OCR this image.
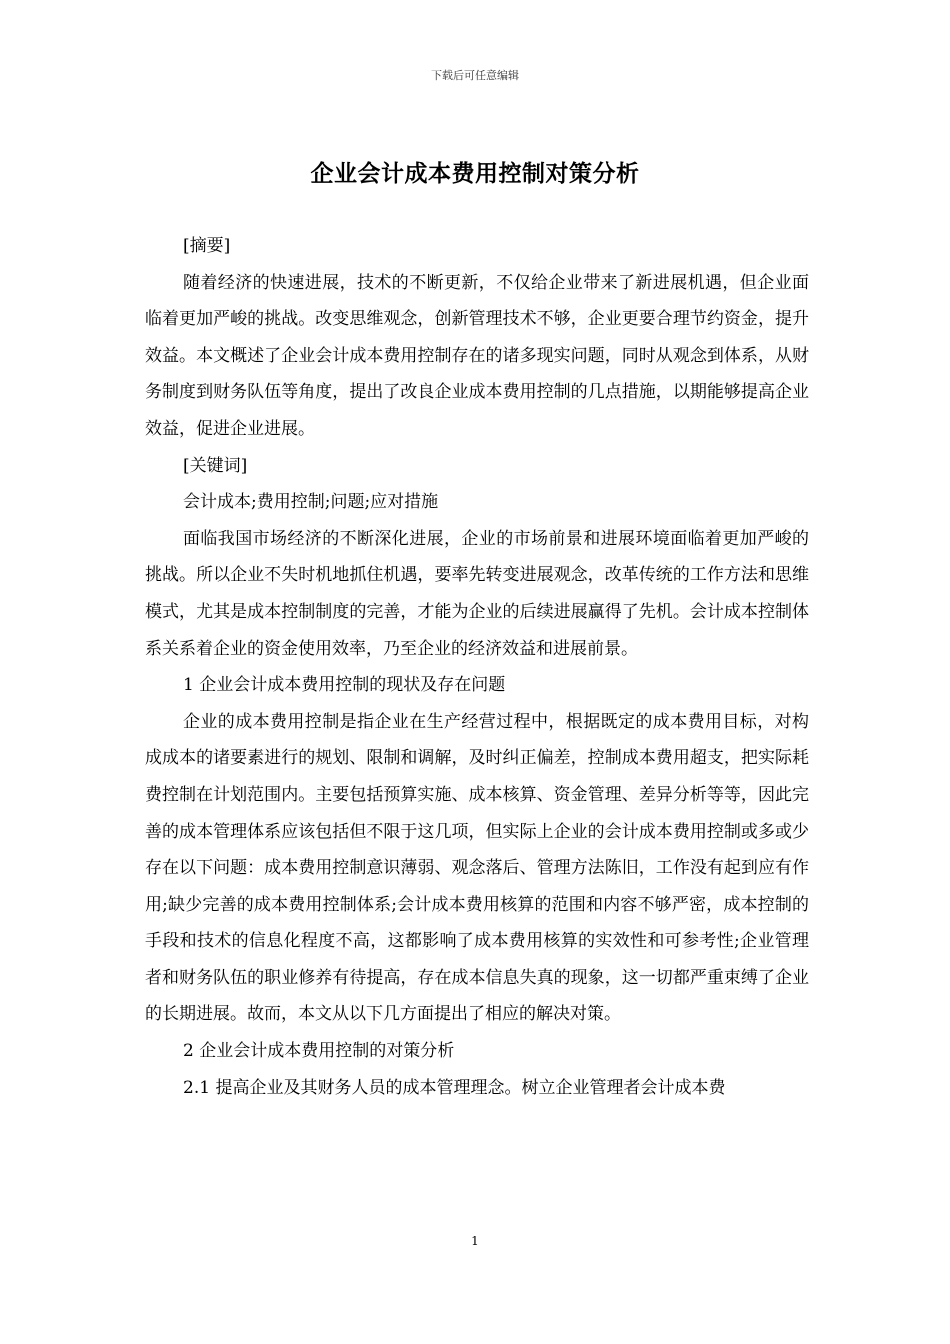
下载后可任意编辑
企业会计成本费用控制对策分析

[摘要]

随着经济的快速进展，技术的不断更新，不仅给企业带来了新进展机遇，但企业面临着更加严峻的挑战。改变思维观念，创新管理技术不够，企业更要合理节约资金，提升效益。本文概述了企业会计成本费用控制存在的诸多现实问题，同时从观念到体系，从财务制度到财务队伍等角度，提出了改良企业成本费用控制的几点措施，以期能够提高企业效益，促进企业进展。

[关键词]

会计成本;费用控制;问题;应对措施

面临我国市场经济的不断深化进展，企业的市场前景和进展环境面临着更加严峻的挑战。所以企业不失时机地抓住机遇，要率先转变进展观念，改革传统的工作方法和思维模式，尤其是成本控制制度的完善，才能为企业的后续进展赢得了先机。会计成本控制体系关系着企业的资金使用效率，乃至企业的经济效益和进展前景。

1 企业会计成本费用控制的现状及存在问题

企业的成本费用控制是指企业在生产经营过程中，根据既定的成本费用目标，对构成成本的诸要素进行的规划、限制和调解，及时纠正偏差，控制成本费用超支，把实际耗费控制在计划范围内。主要包括预算实施、成本核算、资金管理、差异分析等等，因此完善的成本管理体系应该包括但不限于这几项，但实际上企业的会计成本费用控制或多或少存在以下问题：成本费用控制意识薄弱、观念落后、管理方法陈旧，工作没有起到应有作用;缺少完善的成本费用控制体系;会计成本费用核算的范围和内容不够严密，成本控制的手段和技术的信息化程度不高，这都影响了成本费用核算的实效性和可参考性;企业管理者和财务队伍的职业修养有待提高，存在成本信息失真的现象，这一切都严重束缚了企业的长期进展。故而，本文从以下几方面提出了相应的解决对策。

2 企业会计成本费用控制的对策分析

2.1 提高企业及其财务人员的成本管理理念。树立企业管理者会计成本费

1
